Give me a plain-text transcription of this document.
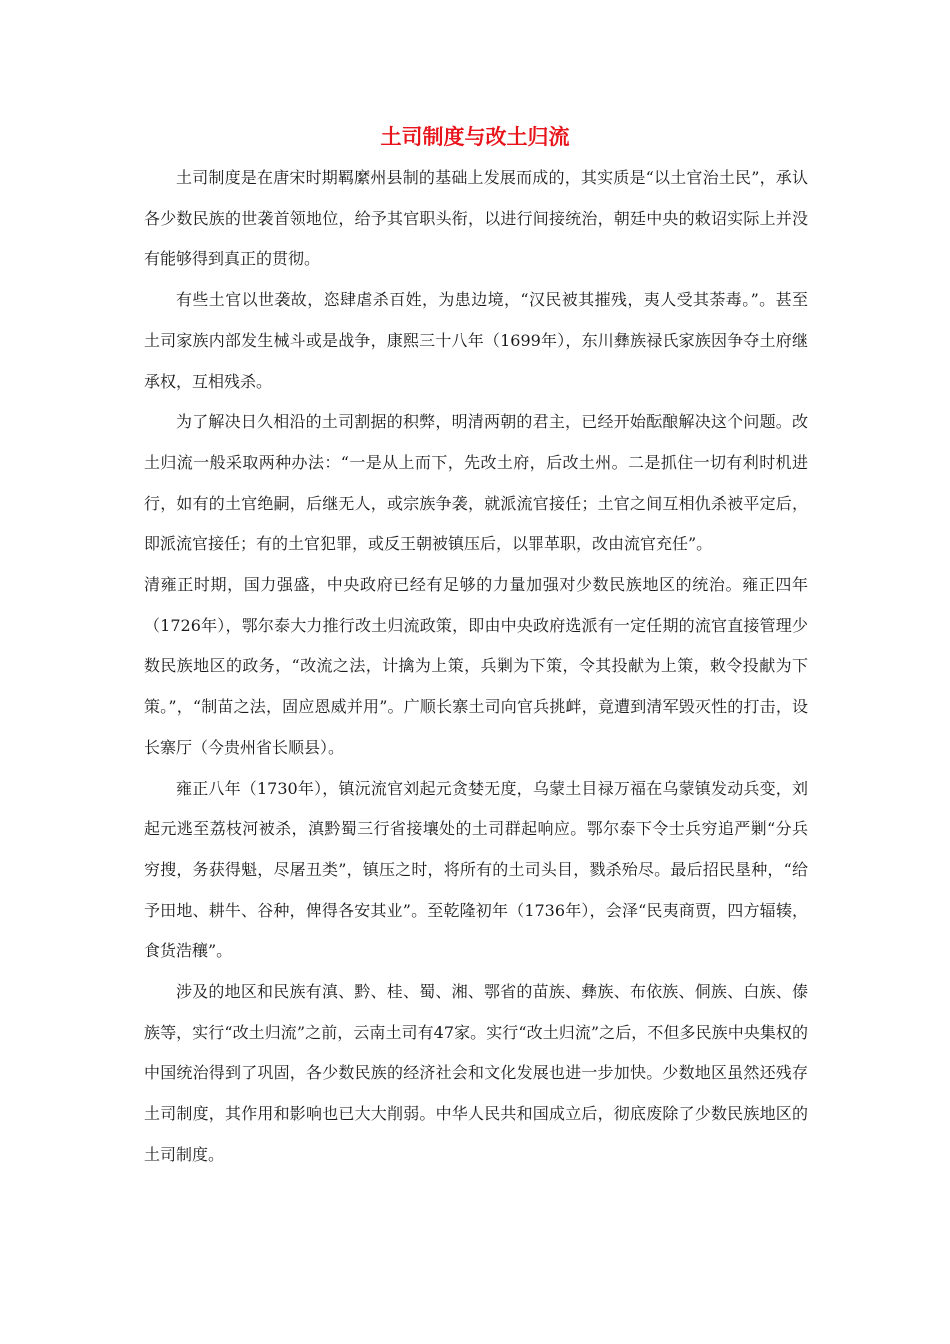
土司制度与改土归流

土司制度是在唐宋时期羁縻州县制的基础上发展而成的，其实质是“以土官治土民”，承认各少数民族的世袭首领地位，给予其官职头衔，以进行间接统治，朝廷中央的敕诏实际上并没有能够得到真正的贯彻。

有些土官以世袭故，恣肆虐杀百姓，为患边境，“汉民被其摧残，夷人受其荼毒。”。甚至土司家族内部发生械斗或是战争，康熙三十八年（1699年），东川彝族禄氏家族因争夺土府继承权，互相残杀。

为了解决日久相沿的土司割据的积弊，明清两朝的君主，已经开始酝酿解决这个问题。改土归流一般采取两种办法：“一是从上而下，先改土府，后改土州。二是抓住一切有利时机进行，如有的土官绝嗣，后继无人，或宗族争袭，就派流官接任；土官之间互相仇杀被平定后，即派流官接任；有的土官犯罪，或反王朝被镇压后，以罪革职，改由流官充任”。

清雍正时期，国力强盛，中央政府已经有足够的力量加强对少数民族地区的统治。雍正四年（1726年），鄂尔泰大力推行改土归流政策，即由中央政府选派有一定任期的流官直接管理少数民族地区的政务，“改流之法，计擒为上策，兵剿为下策，令其投献为上策，敕令投献为下策。”，“制苗之法，固应恩威并用”。广顺长寨土司向官兵挑衅，竟遭到清军毁灭性的打击，设长寨厅（今贵州省长顺县）。

雍正八年（1730年），镇沅流官刘起元贪婪无度，乌蒙土目禄万福在乌蒙镇发动兵变，刘起元逃至荔枝河被杀，滇黔蜀三行省接壤处的土司群起响应。鄂尔泰下令士兵穷追严剿“分兵穷搜，务获得魁，尽屠丑类”，镇压之时，将所有的土司头目，戮杀殆尽。最后招民垦种，“给予田地、耕牛、谷种，俾得各安其业”。至乾隆初年（1736年），会泽“民夷商贾，四方辐辏，食货浩穰”。

涉及的地区和民族有滇、黔、桂、蜀、湘、鄂省的苗族、彝族、布依族、侗族、白族、傣族等，实行“改土归流”之前，云南土司有47家。实行“改土归流”之后，不但多民族中央集权的中国统治得到了巩固，各少数民族的经济社会和文化发展也进一步加快。少数地区虽然还残存土司制度，其作用和影响也已大大削弱。中华人民共和国成立后，彻底废除了少数民族地区的土司制度。
